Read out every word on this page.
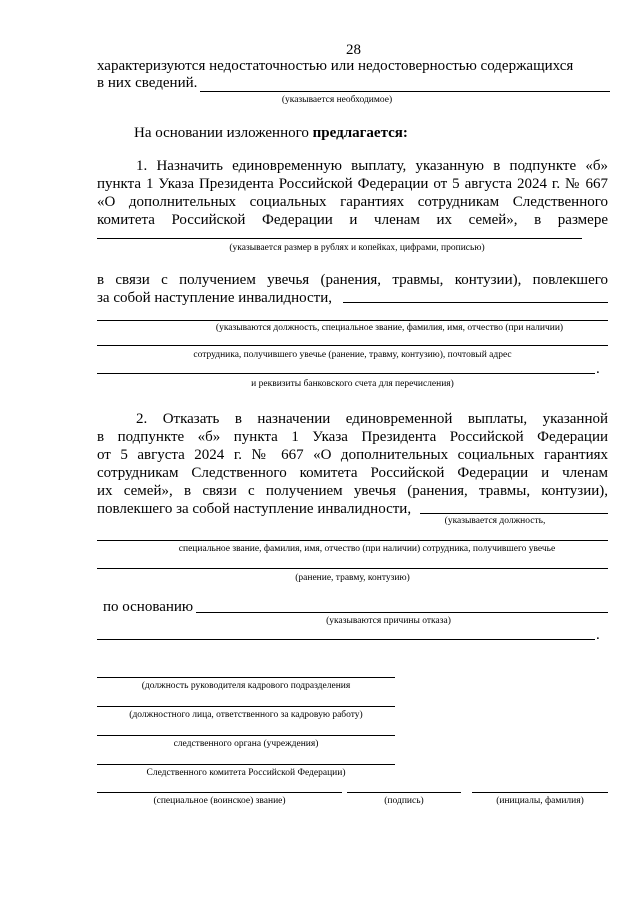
28
характеризуются недостаточностью или недостоверностью содержащихся
в них сведений.
(указывается необходимое)
На основании изложенного предлагается:
1. Назначить единовременную выплату, указанную в подпункте «б»
пункта 1 Указа Президента Российской Федерации от 5 августа 2024 г. № 667
«О дополнительных социальных гарантиях сотрудникам Следственного
комитета Российской Федерации и членам их семей», в размере
(указывается размер в рублях и копейках, цифрами, прописью)
в связи с получением увечья (ранения, травмы, контузии), повлекшего
за собой наступление инвалидности,
(указываются должность, специальное звание, фамилия, имя, отчество (при наличии)
сотрудника, получившего увечье (ранение, травму, контузию), почтовый адрес
.
и реквизиты банковского счета для перечисления)
2. Отказать в назначении единовременной выплаты, указанной
в подпункте «б» пункта 1 Указа Президента Российской Федерации
от 5 августа 2024 г. № 667 «О дополнительных социальных гарантиях
сотрудникам Следственного комитета Российской Федерации и членам
их семей», в связи с получением увечья (ранения, травмы, контузии),
повлекшего за собой наступление инвалидности,
(указывается должность,
специальное звание, фамилия, имя, отчество (при наличии) сотрудника, получившего увечье
(ранение, травму, контузию)
по основанию
(указываются причины отказа)
.
(должность руководителя кадрового подразделения
(должностного лица, ответственного за кадровую работу)
следственного органа (учреждения)
Следственного комитета Российской Федерации)
(специальное (воинское) звание)	(подпись)	(инициалы, фамилия)
